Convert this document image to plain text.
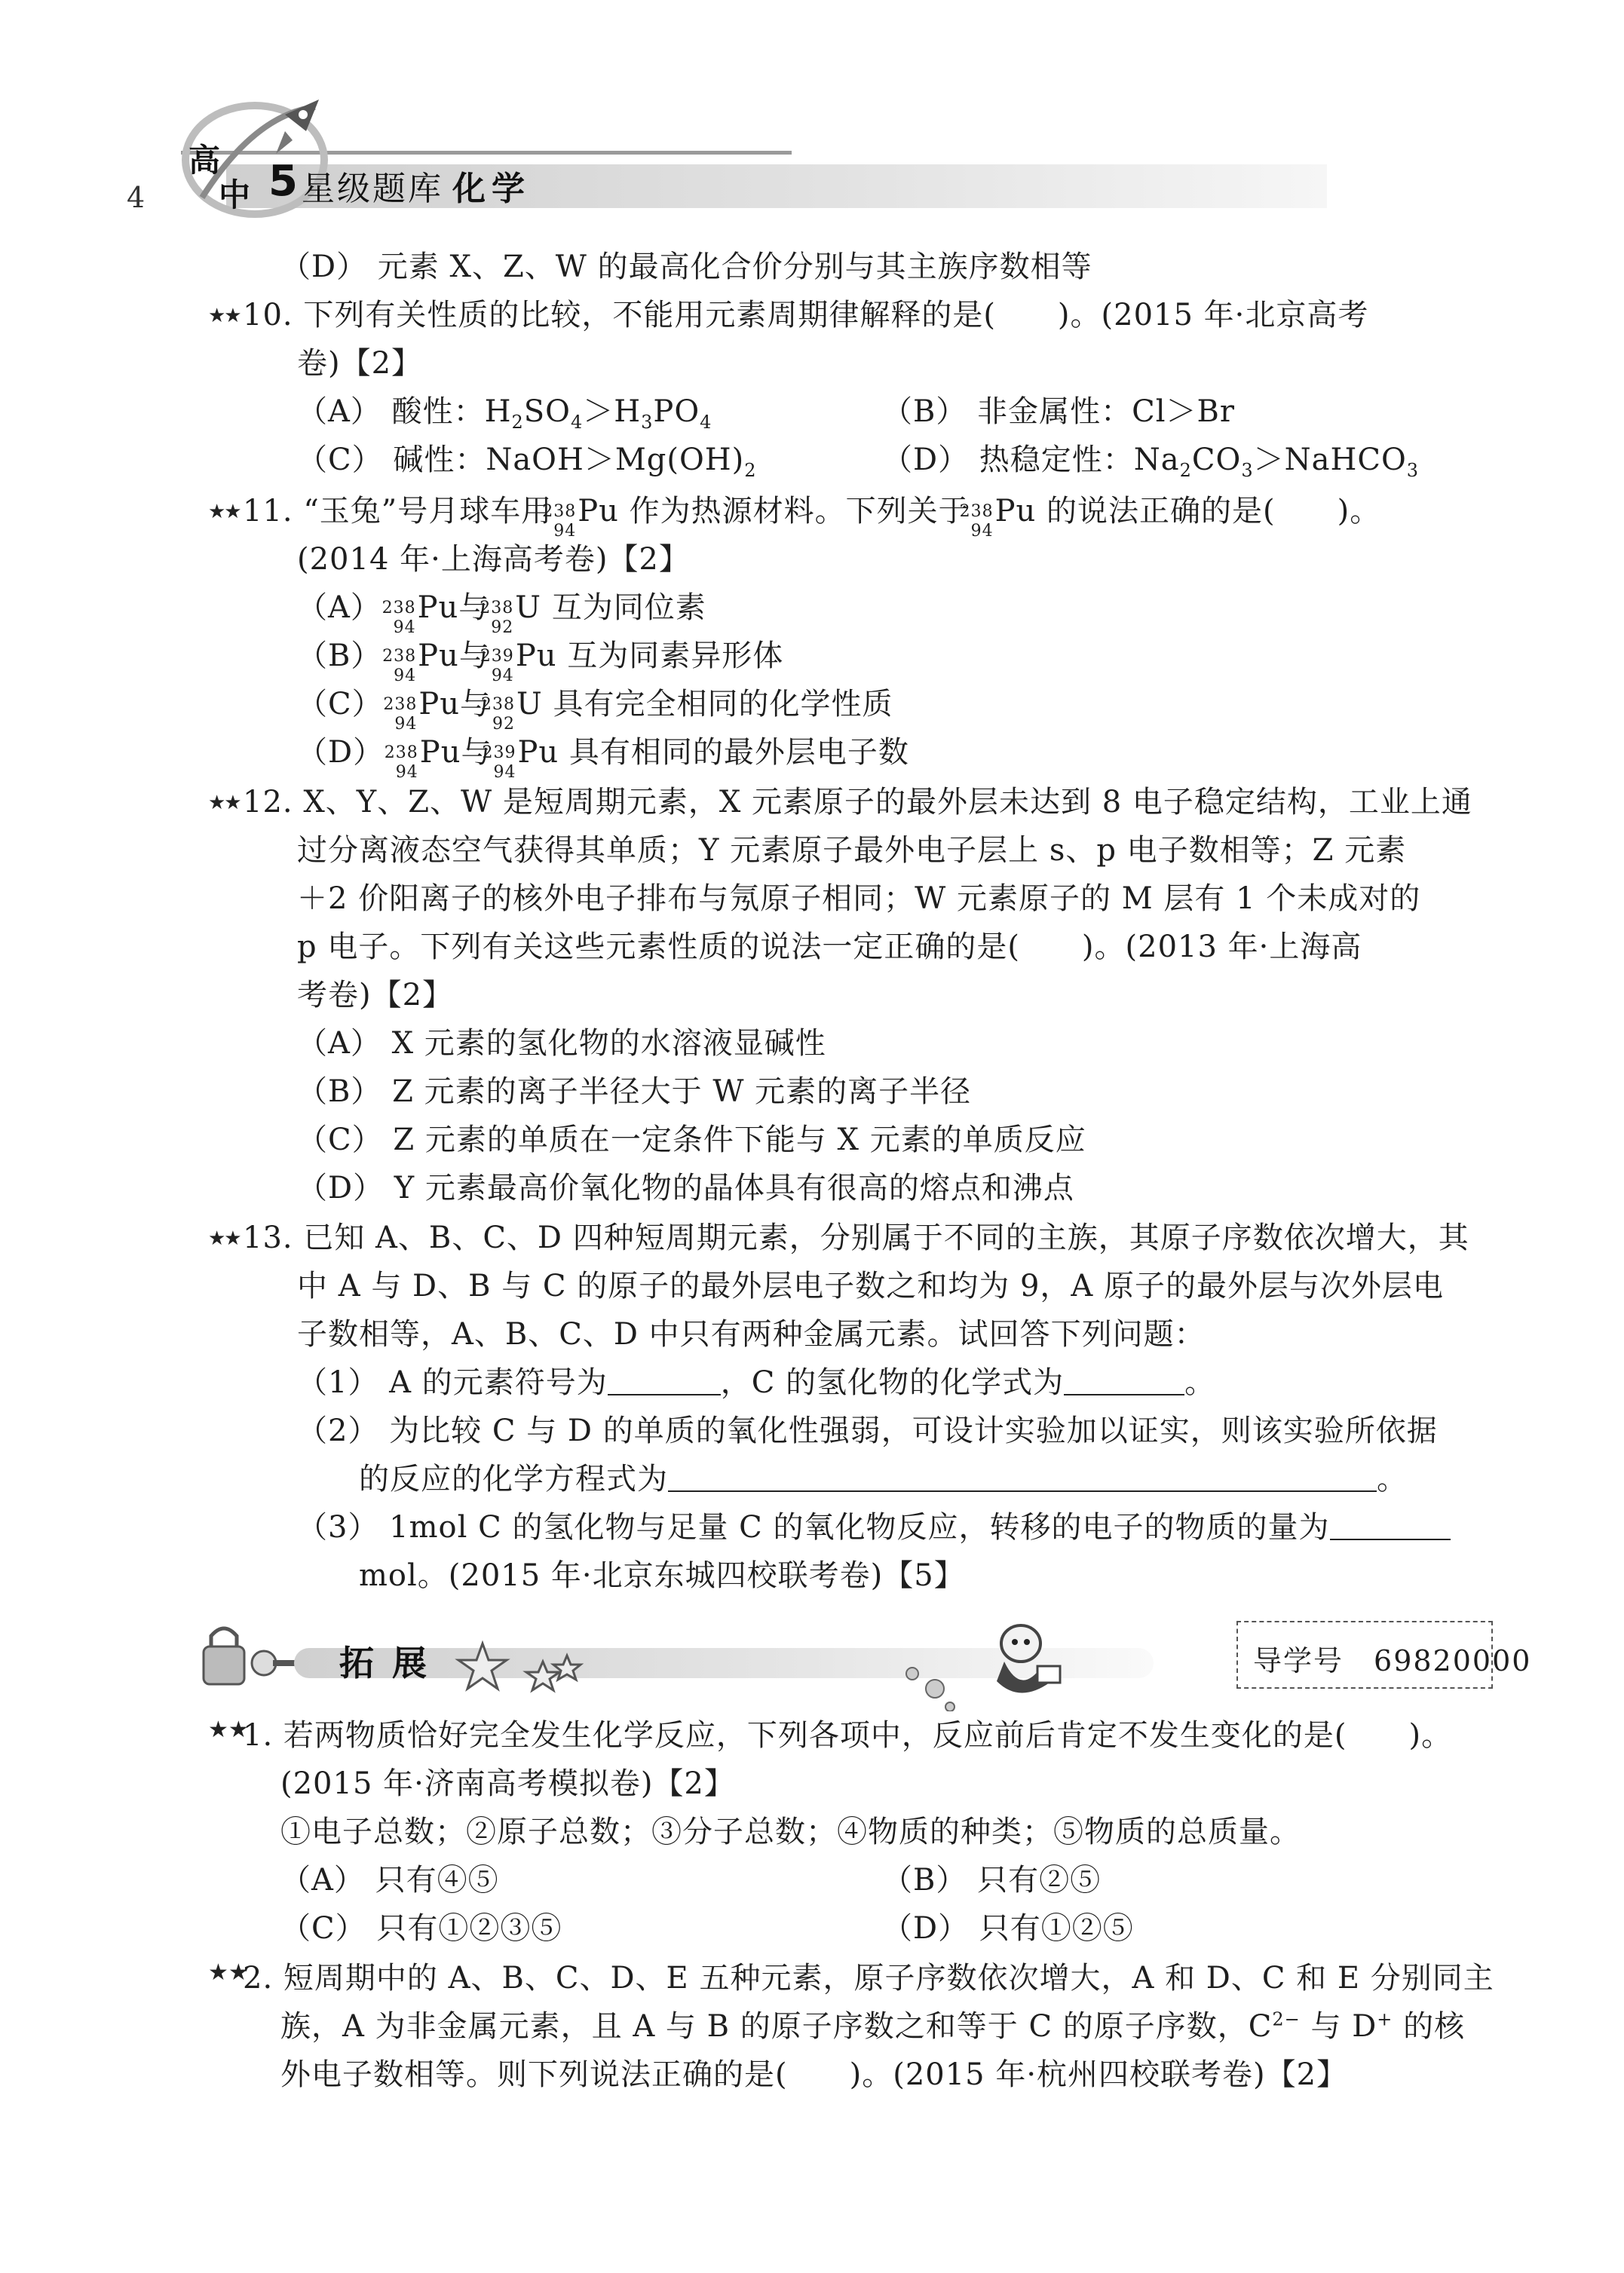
高
中 5
4	星级题库 化学
（D） 元素 X、Z、W 的最高化合价分别与其主族序数相等
★★ 10. 下列有关性质的比较，不能用元素周期律解释的是(　　)。(2015 年·北京高考
卷)【2】
（A） 酸性：$H_2SO_4>H_3PO_4$	（B） 非金属性：Cl＞Br
（C） 碱性：$NaOH>Mg(OH)_2$	（D） 热稳定性：$Na_2CO_3>NaHCO_3$
★★ 11. “玉兔”号月球车用
238
94
Pu 作为热源材料。下列关于
238
94
Pu 的说法正确的是(　　)。
(2014 年·上海高考卷)【2】
（A） 238
94
Pu与
238
92
U 互为同位素
（B） 238
94
Pu与
239
94
Pu 互为同素异形体
（C） 238
94
Pu与
238
92
U 具有完全相同的化学性质
（D） 238
94
Pu与
239
94
Pu 具有相同的最外层电子数
★★ 12. X、Y、Z、W 是短周期元素，X 元素原子的最外层未达到 8 电子稳定结构，工业上通
过分离液态空气获得其单质；Y 元素原子最外电子层上 s、p 电子数相等；Z 元素
＋2 价阳离子的核外电子排布与氖原子相同；W 元素原子的 M 层有 1 个未成对的
p 电子。下列有关这些元素性质的说法一定正确的是(　　)。(2013 年·上海高
考卷)【2】
（A） X 元素的氢化物的水溶液显碱性
（B） Z 元素的离子半径大于 W 元素的离子半径
（C） Z 元素的单质在一定条件下能与 X 元素的单质反应
（D） Y 元素最高价氧化物的晶体具有很高的熔点和沸点
★★ 13. 已知 A、B、C、D 四种短周期元素，分别属于不同的主族，其原子序数依次增大，其
中 A 与 D、B 与 C 的原子的最外层电子数之和均为 9，A 原子的最外层与次外层电
子数相等，A、B、C、D 中只有两种金属元素。试回答下列问题：
（1） A 的元素符号为	，C 的氢化物的化学式为	。
（2） 为比较 C 与 D 的单质的氧化性强弱，可设计实验加以证实，则该实验所依据
的反应的化学方程式为	。
（3） 1mol C 的氢化物与足量 C 的氧化物反应，转移的电子的物质的量为
mol。(2015 年·北京东城四校联考卷)【5】
拓展	导学号　 69820000
★★
1. 若两物质恰好完全发生化学反应，下列各项中，反应前后肯定不发生变化的是(　　)。
(2015 年·济南高考模拟卷)【2】
①电子总数；②原子总数；③分子总数；④物质的种类；⑤物质的总质量。
（A） 只有④⑤	（B） 只有②⑤
（C） 只有①②③⑤	（D） 只有①②⑤
★★
2. 短周期中的 A、B、C、D、E 五种元素，原子序数依次增大，A 和 D、C 和 E 分别同主
族，A 为非金属元素，且 A 与 B 的原子序数之和等于 C 的原子序数，$C^{2-}$ 与 D+ 的核
外电子数相等。则下列说法正确的是(　　)。(2015 年·杭州四校联考卷)【2】
